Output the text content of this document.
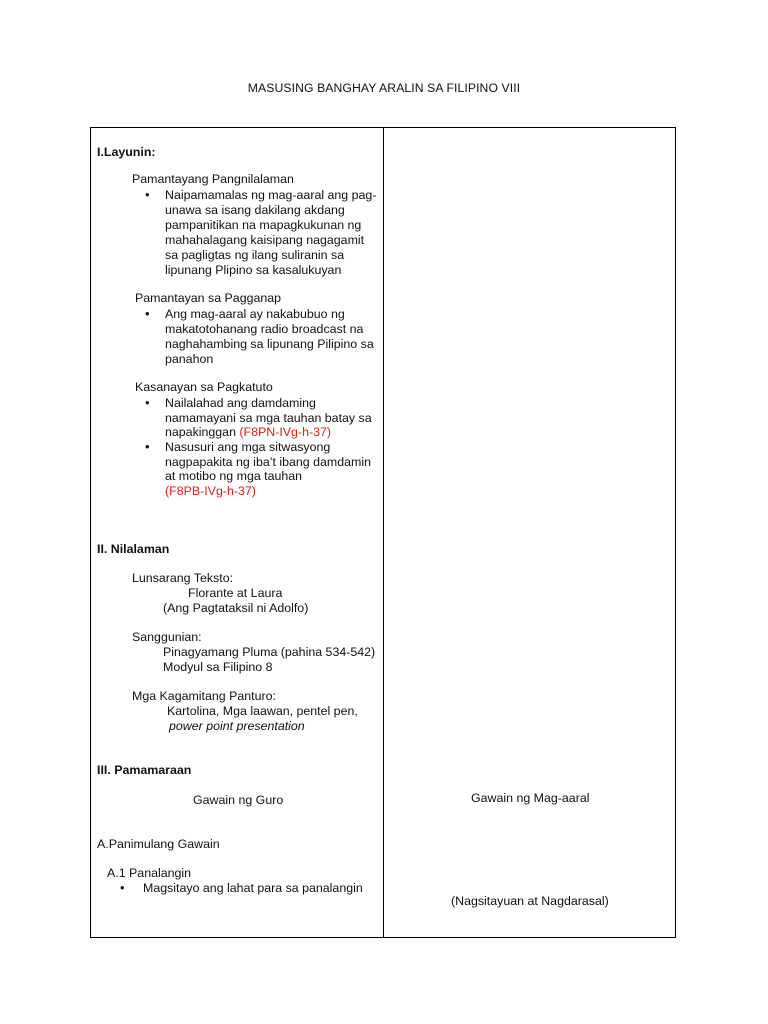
MASUSING BANGHAY ARALIN SA FILIPINO VIII
I.Layunin:
Pamantayang Pangnilalaman
• Naipamamalas ng mag-aaral ang pag-
unawa sa isang dakilang akdang
pampanitikan na mapagkukunan ng
mahahalagang kaisipang nagagamit
sa pagligtas ng ilang suliranin sa
lipunang Plipino sa kasalukuyan
Pamantayan sa Pagganap
• Ang mag-aaral ay nakabubuo ng
makatotohanang radio broadcast na
naghahambing sa lipunang Pilipino sa
panahon
Kasanayan sa Pagkatuto
• Nailalahad ang damdaming
namamayani sa mga tauhan batay sa
napakinggan (F8PN-IVg-h-37)
• Nasusuri ang mga sitwasyong
nagpapakita ng iba’t ibang damdamin
at motibo ng mga tauhan
(F8PB-IVg-h-37)
II. Nilalaman
Lunsarang Teksto:
Florante at Laura
(Ang Pagtataksil ni Adolfo)
Sanggunian:
Pinagyamang Pluma (pahina 534-542)
Modyul sa Filipino 8
Mga Kagamitang Panturo:
Kartolina, Mga laawan, pentel pen,
power point presentation
III. Pamamaraan
Gawain ng Guro	Gawain ng Mag-aaral
A.Panimulang Gawain
A.1 Panalangin
• Magsitayo ang lahat para sa panalangin
(Nagsitayuan at Nagdarasal)
